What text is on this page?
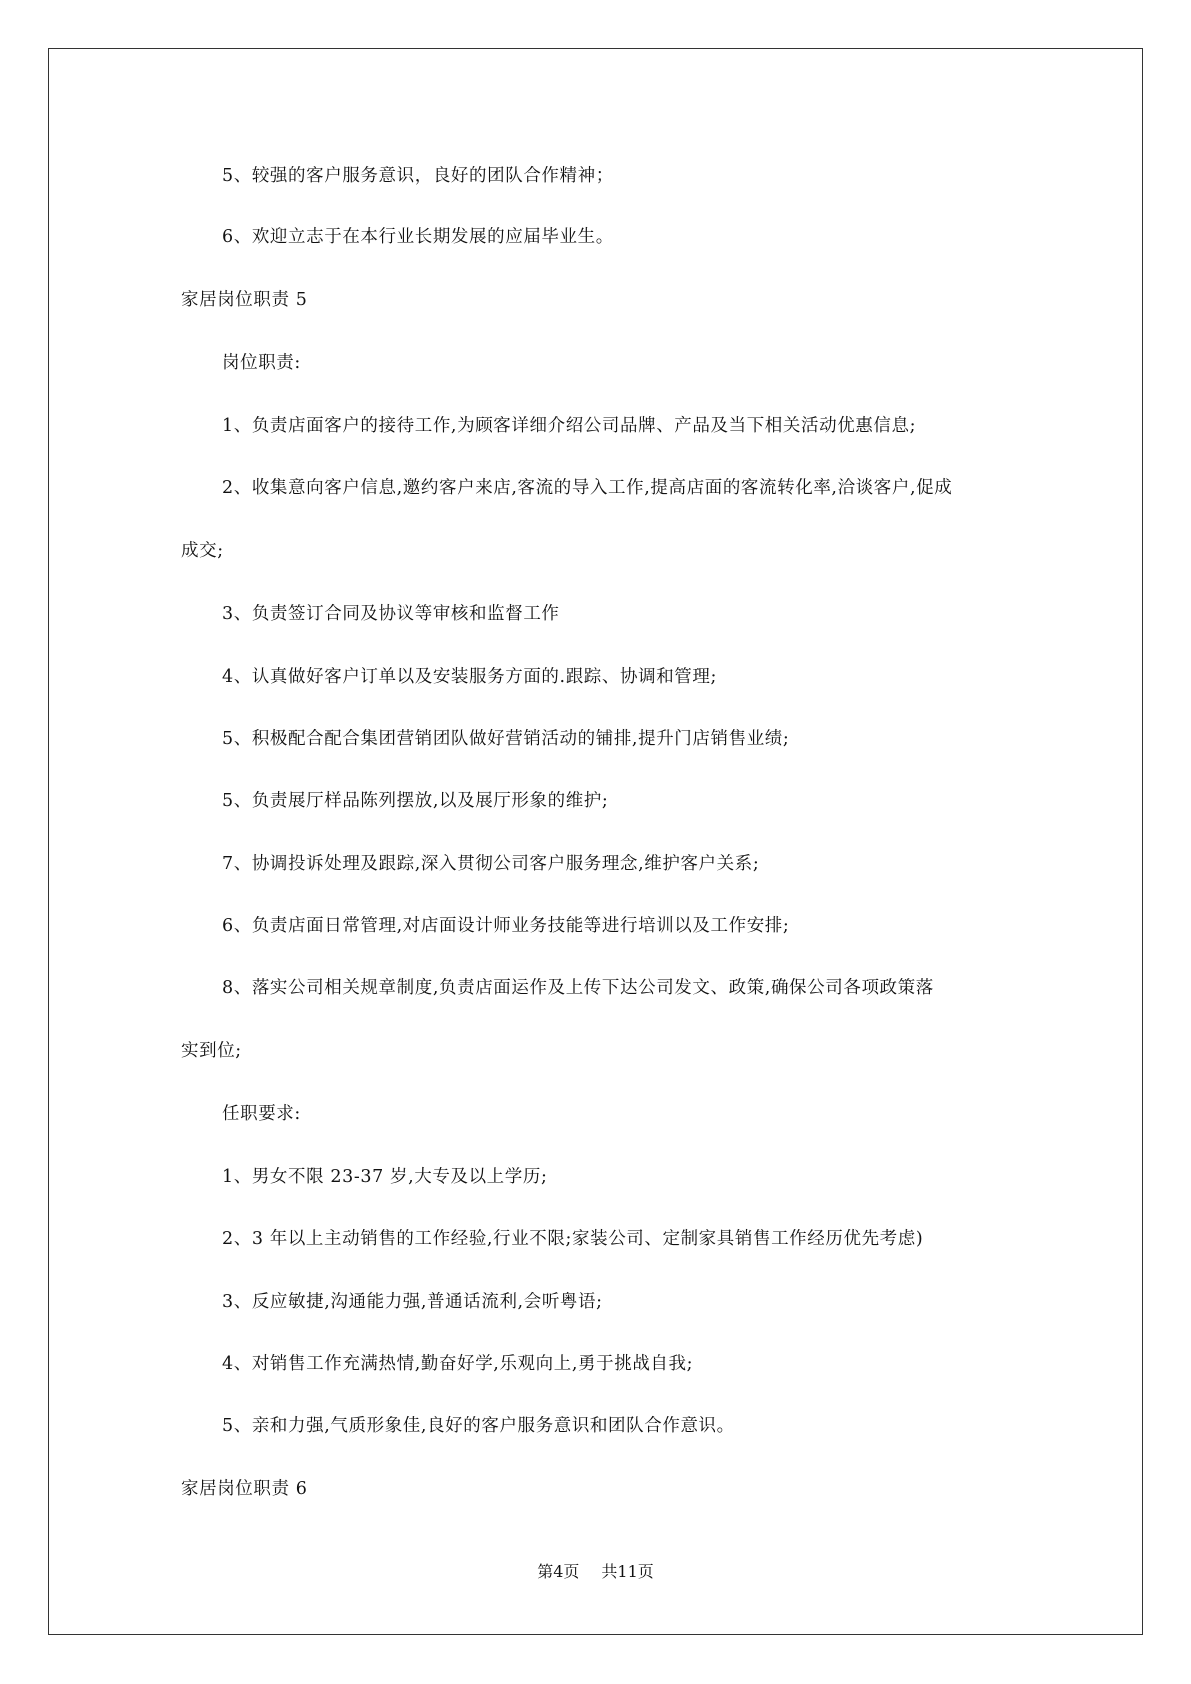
5、较强的客户服务意识，良好的团队合作精神；
6、欢迎立志于在本行业长期发展的应届毕业生。
家居岗位职责 5
岗位职责:
1、负责店面客户的接待工作,为顾客详细介绍公司品牌、产品及当下相关活动优惠信息;
2、收集意向客户信息,邀约客户来店,客流的导入工作,提高店面的客流转化率,洽谈客户,促成
成交;
3、负责签订合同及协议等审核和监督工作
4、认真做好客户订单以及安装服务方面的.跟踪、协调和管理;
5、积极配合配合集团营销团队做好营销活动的铺排,提升门店销售业绩;
5、负责展厅样品陈列摆放,以及展厅形象的维护;
7、协调投诉处理及跟踪,深入贯彻公司客户服务理念,维护客户关系;
6、负责店面日常管理,对店面设计师业务技能等进行培训以及工作安排;
8、落实公司相关规章制度,负责店面运作及上传下达公司发文、政策,确保公司各项政策落
实到位;
任职要求:
1、男女不限 23-37 岁,大专及以上学历;
2、3 年以上主动销售的工作经验,行业不限;家装公司、定制家具销售工作经历优先考虑)
3、反应敏捷,沟通能力强,普通话流利,会听粤语;
4、对销售工作充满热情,勤奋好学,乐观向上,勇于挑战自我;
5、亲和力强,气质形象佳,良好的客户服务意识和团队合作意识。
家居岗位职责 6
第4页 共11页
